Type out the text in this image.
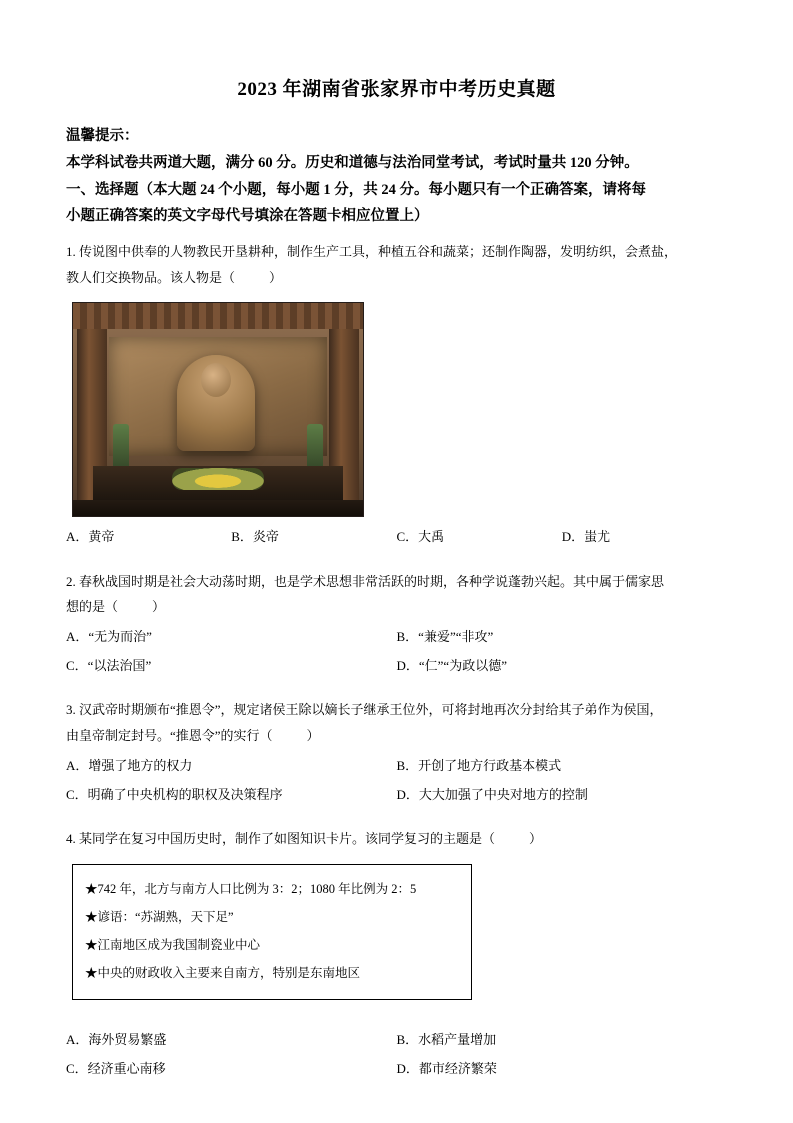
2023 年湖南省张家界市中考历史真题

温馨提示：

本学科试卷共两道大题，满分 60 分。历史和道德与法治同堂考试，考试时量共 120 分钟。

一、选择题（本大题 24 个小题，每小题 1 分，共 24 分。每小题只有一个正确答案，请将每

小题正确答案的英文字母代号填涂在答题卡相应位置上）

1. 传说图中供奉的人物教民开垦耕种，制作生产工具，种植五谷和蔬菜；还制作陶器，发明纺织，会煮盐，

教人们交换物品。该人物是（	）

A．黄帝	B．炎帝	C．大禹	D．蚩尤

2. 春秋战国时期是社会大动荡时期，也是学术思想非常活跃的时期，各种学说蓬勃兴起。其中属于儒家思

想的是（	）

A．“无为而治”	B．“兼爱”“非攻”
C．“以法治国”	D．“仁”“为政以德”

3. 汉武帝时期颁布“推恩令”，规定诸侯王除以嫡长子继承王位外，可将封地再次分封给其子弟作为侯国，

由皇帝制定封号。“推恩令”的实行（	）

A．增强了地方的权力	B．开创了地方行政基本模式
C．明确了中央机构的职权及决策程序	D．大大加强了中央对地方的控制

4. 某同学在复习中国历史时，制作了如图知识卡片。该同学复习的主题是（	）

★742 年，北方与南方人口比例为 3：2；1080 年比例为 2：5

★谚语：“苏湖熟，天下足”

★江南地区成为我国制瓷业中心

★中央的财政收入主要来自南方，特别是东南地区

A．海外贸易繁盛	B．水稻产量增加
C．经济重心南移	D．都市经济繁荣
